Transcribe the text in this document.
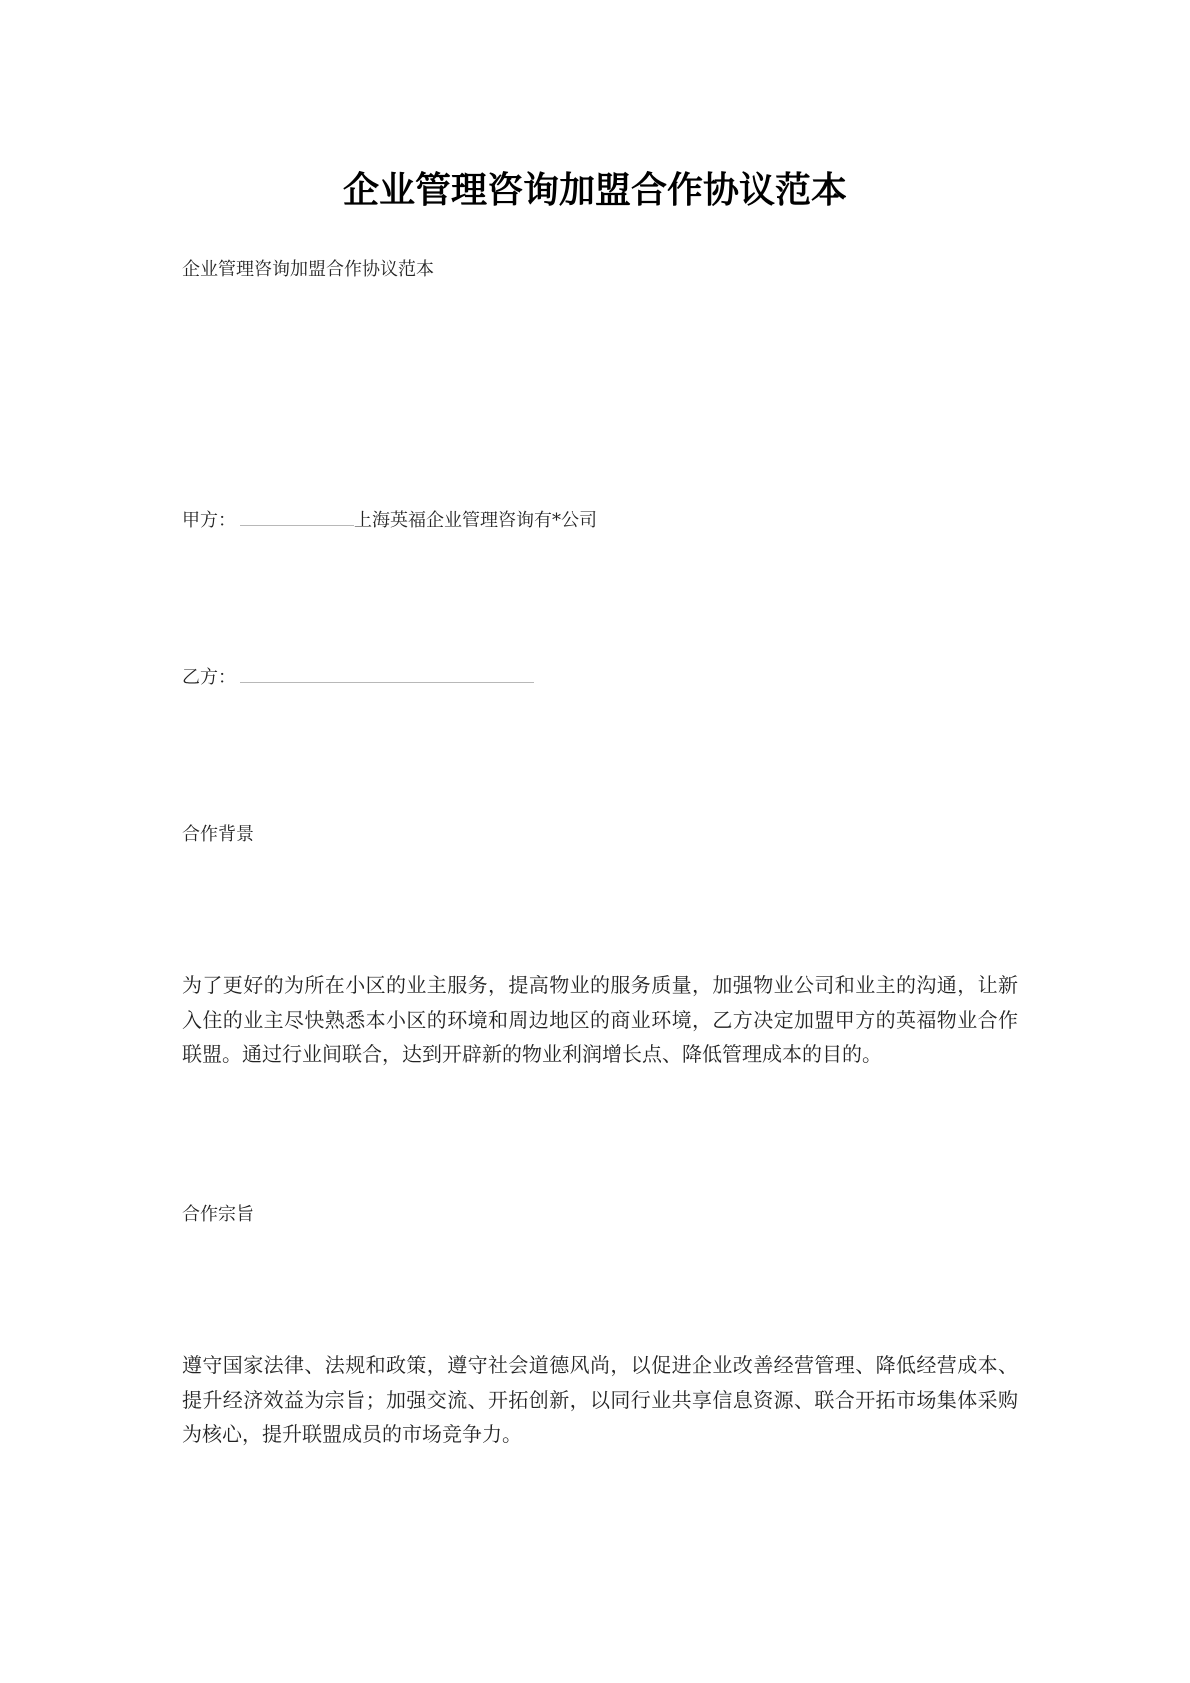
企业管理咨询加盟合作协议范本
企业管理咨询加盟合作协议范本
甲方：	上海英福企业管理咨询有*公司
乙方：
合作背景
为了更好的为所在小区的业主服务，提高物业的服务质量，加强物业公司和业主的沟通，让新入住的业主尽快熟悉本小区的环境和周边地区的商业环境，乙方决定加盟甲方的英福物业合作联盟。通过行业间联合，达到开辟新的物业利润增长点、降低管理成本的目的。
合作宗旨
遵守国家法律、法规和政策，遵守社会道德风尚，以促进企业改善经营管理、降低经营成本、提升经济效益为宗旨；加强交流、开拓创新，以同行业共享信息资源、联合开拓市场集体采购为核心，提升联盟成员的市场竞争力。
